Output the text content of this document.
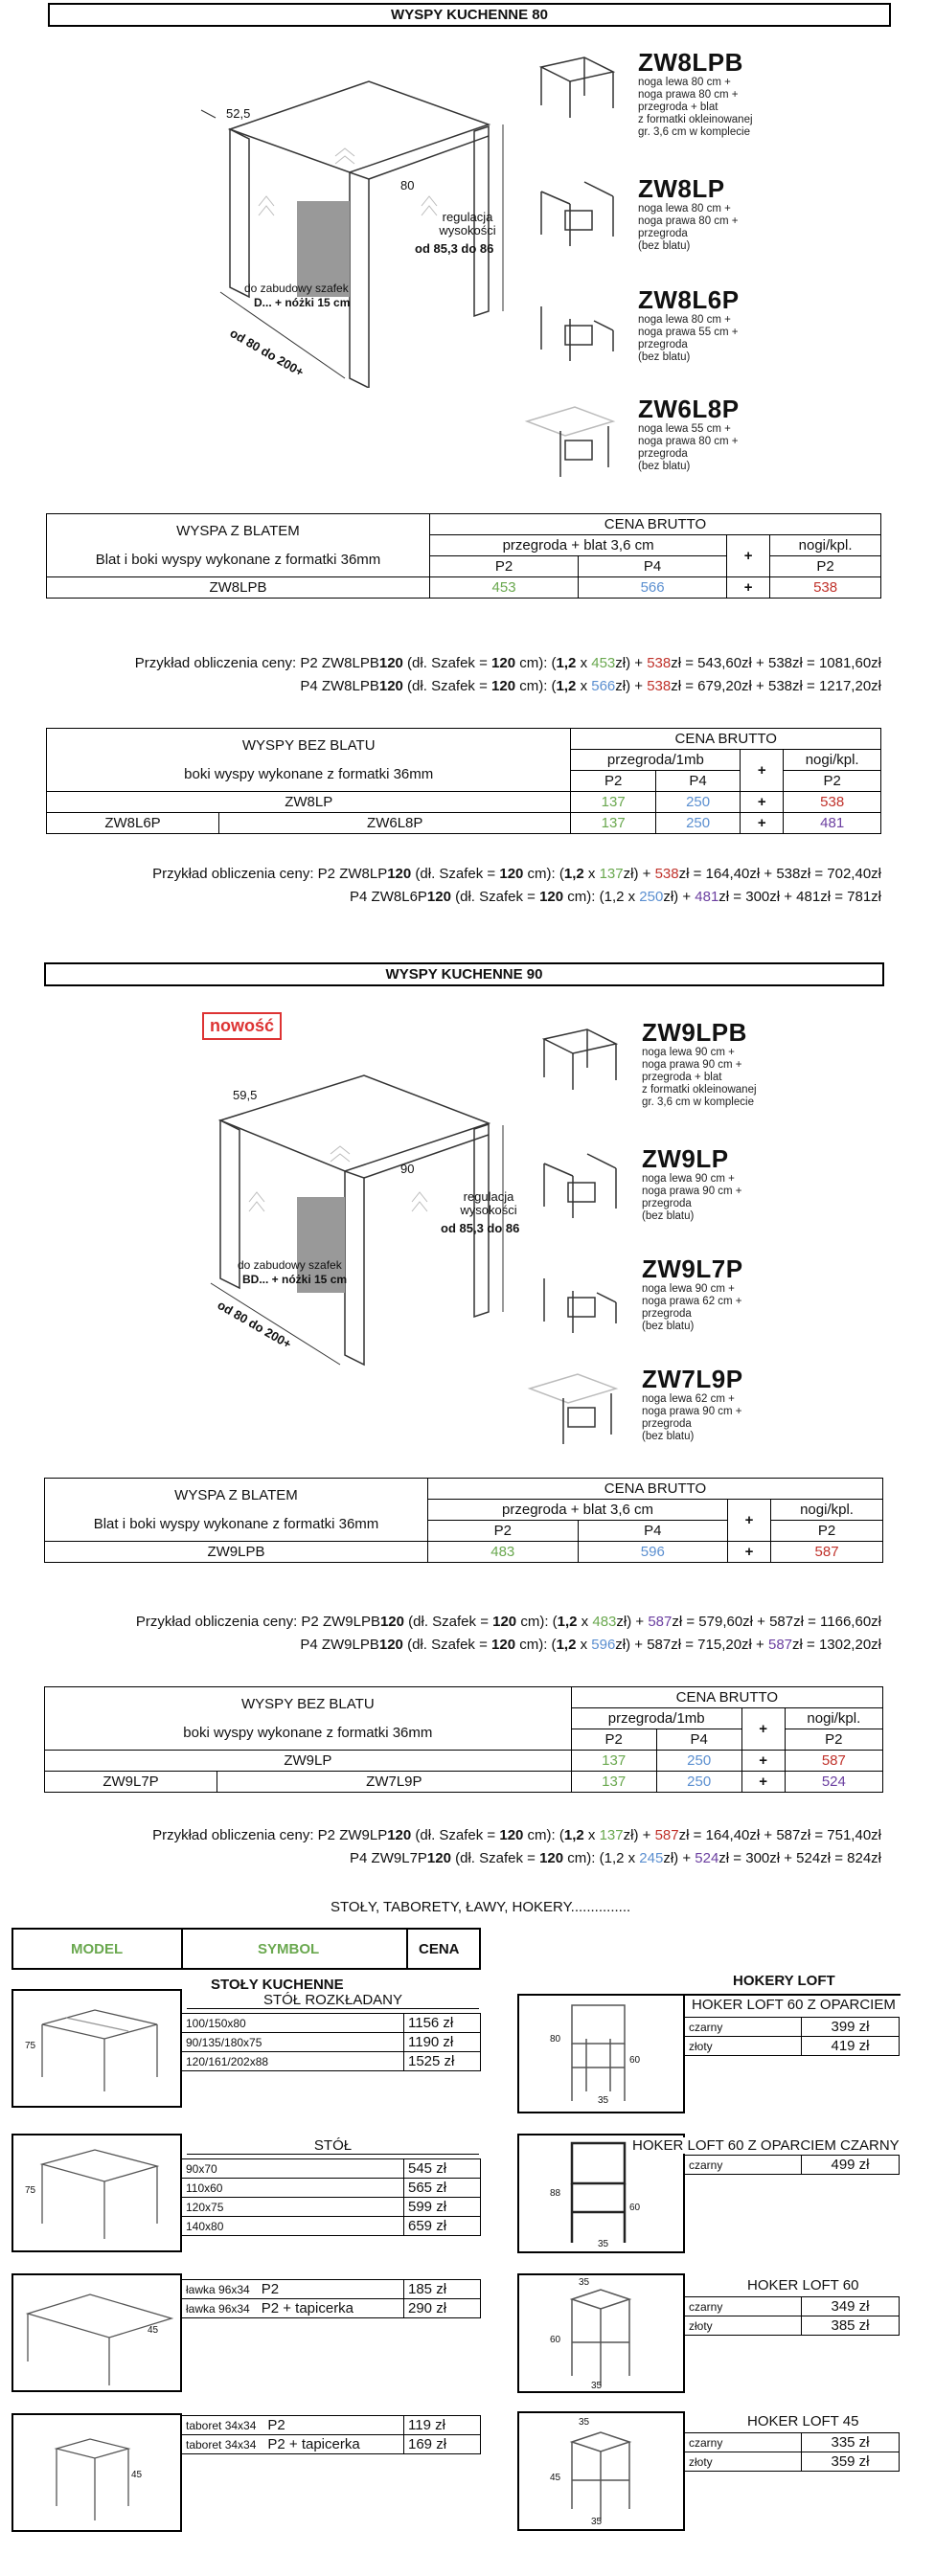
WYSPY KUCHENNE 80
52,5
80
regulacja
wysokości
od 85,3 do 86
do zabudowy szafek
D... + nóżki 15 cm
od 80 do 200+
ZW8LPB
noga lewa 80 cm +
noga prawa 80 cm +
przegroda + blat
z formatki okleinowanej
gr. 3,6 cm w komplecie
ZW8LP
noga lewa 80 cm +
noga prawa 80 cm +
przegroda
(bez blatu)
ZW8L6P
noga lewa 80 cm +
noga prawa 55 cm +
przegroda
(bez blatu)
ZW6L8P
noga lewa 55 cm +
noga prawa 80 cm +
przegroda
(bez blatu)
WYSPA Z BLATEM
Blat i boki wyspy wykonane z formatki 36mm	CENA BRUTTO			
	przegroda + blat 3,6 cm		+	nogi/kpl.
	P2	P4		P2
ZW8LPB	453	566	+	538
Przykład obliczenia ceny: P2 ZW8LPB120 (dł. Szafek = 120 cm): (1,2 x 453zł) + 538zł = 543,60zł + 538zł = 1081,60zł
P4 ZW8LPB120 (dł. Szafek = 120 cm): (1,2 x 566zł) + 538zł = 679,20zł + 538zł = 1217,20zł
WYSPY BEZ BLATU
boki wyspy wykonane z formatki 36mm		CENA BRUTTO			
		przegroda/1mb		+	nogi/kpl.
		P2	P4		P2
ZW8LP		137	250	+	538
ZW8L6P	ZW6L8P	137	250	+	481
Przykład obliczenia ceny: P2 ZW8LP120 (dł. Szafek = 120 cm): (1,2 x 137zł) + 538zł = 164,40zł + 538zł = 702,40zł
P4 ZW8L6P120 (dł. Szafek = 120 cm): (1,2 x 250zł) + 481zł = 300zł + 481zł = 781zł
WYSPY KUCHENNE 90
nowość
59,5
90
regulacja
wysokości
od 85,3 do 86
do zabudowy szafek
BD... + nóżki 15 cm
od 80 do 200+
ZW9LPB
noga lewa 90 cm +
noga prawa 90 cm +
przegroda + blat
z formatki okleinowanej
gr. 3,6 cm w komplecie
ZW9LP
noga lewa 90 cm +
noga prawa 90 cm +
przegroda
(bez blatu)
ZW9L7P
noga lewa 90 cm +
noga prawa 62 cm +
przegroda
(bez blatu)
ZW7L9P
noga lewa 62 cm +
noga prawa 90 cm +
przegroda
(bez blatu)
WYSPA Z BLATEM
Blat i boki wyspy wykonane z formatki 36mm	CENA BRUTTO			
	przegroda + blat 3,6 cm		+	nogi/kpl.
	P2	P4		P2
ZW9LPB	483	596	+	587
Przykład obliczenia ceny: P2 ZW9LPB120 (dł. Szafek = 120 cm): (1,2 x 483zł) + 587zł = 579,60zł + 587zł = 1166,60zł
P4 ZW9LPB120 (dł. Szafek = 120 cm): (1,2 x 596zł) + 587zł = 715,20zł + 587zł = 1302,20zł
WYSPY BEZ BLATU
boki wyspy wykonane z formatki 36mm		CENA BRUTTO			
		przegroda/1mb		+	nogi/kpl.
		P2	P4		P2
ZW9LP		137	250	+	587
ZW9L7P	ZW7L9P	137	250	+	524
Przykład obliczenia ceny: P2 ZW9LP120 (dł. Szafek = 120 cm): (1,2 x 137zł) + 587zł = 164,40zł + 587zł = 751,40zł
P4 ZW9L7P120 (dł. Szafek = 120 cm): (1,2 x 245zł) + 524zł = 300zł + 524zł = 824zł
STOŁY, TABORETY, ŁAWY, HOKERY...............
MODEL	SYMBOL	CENA
STOŁY KUCHENNE
75
STÓŁ ROZKŁADANY
100/150x80	1156 zł
90/135/180x75	1190 zł
120/161/202x88	1525 zł
75
STÓŁ
90x70	545 zł
110x60	565 zł
120x75	599 zł
140x80	659 zł
45
ławka 96x34 P2	185 zł
ławka 96x34 P2 + tapicerka	290 zł
45
taboret 34x34 P2	119 zł
taboret 34x34 P2 + tapicerka	169 zł
HOKERY LOFT
80
60
35
HOKER LOFT 60 Z OPARCIEM
czarny	399 zł
złoty	419 zł
88
60
35
HOKER LOFT 60 Z OPARCIEM CZARNY
czarny	499 zł
35
60
35
HOKER LOFT 60
czarny	349 zł
złoty	385 zł
35
45
35
HOKER LOFT 45
czarny	335 zł
złoty	359 zł
